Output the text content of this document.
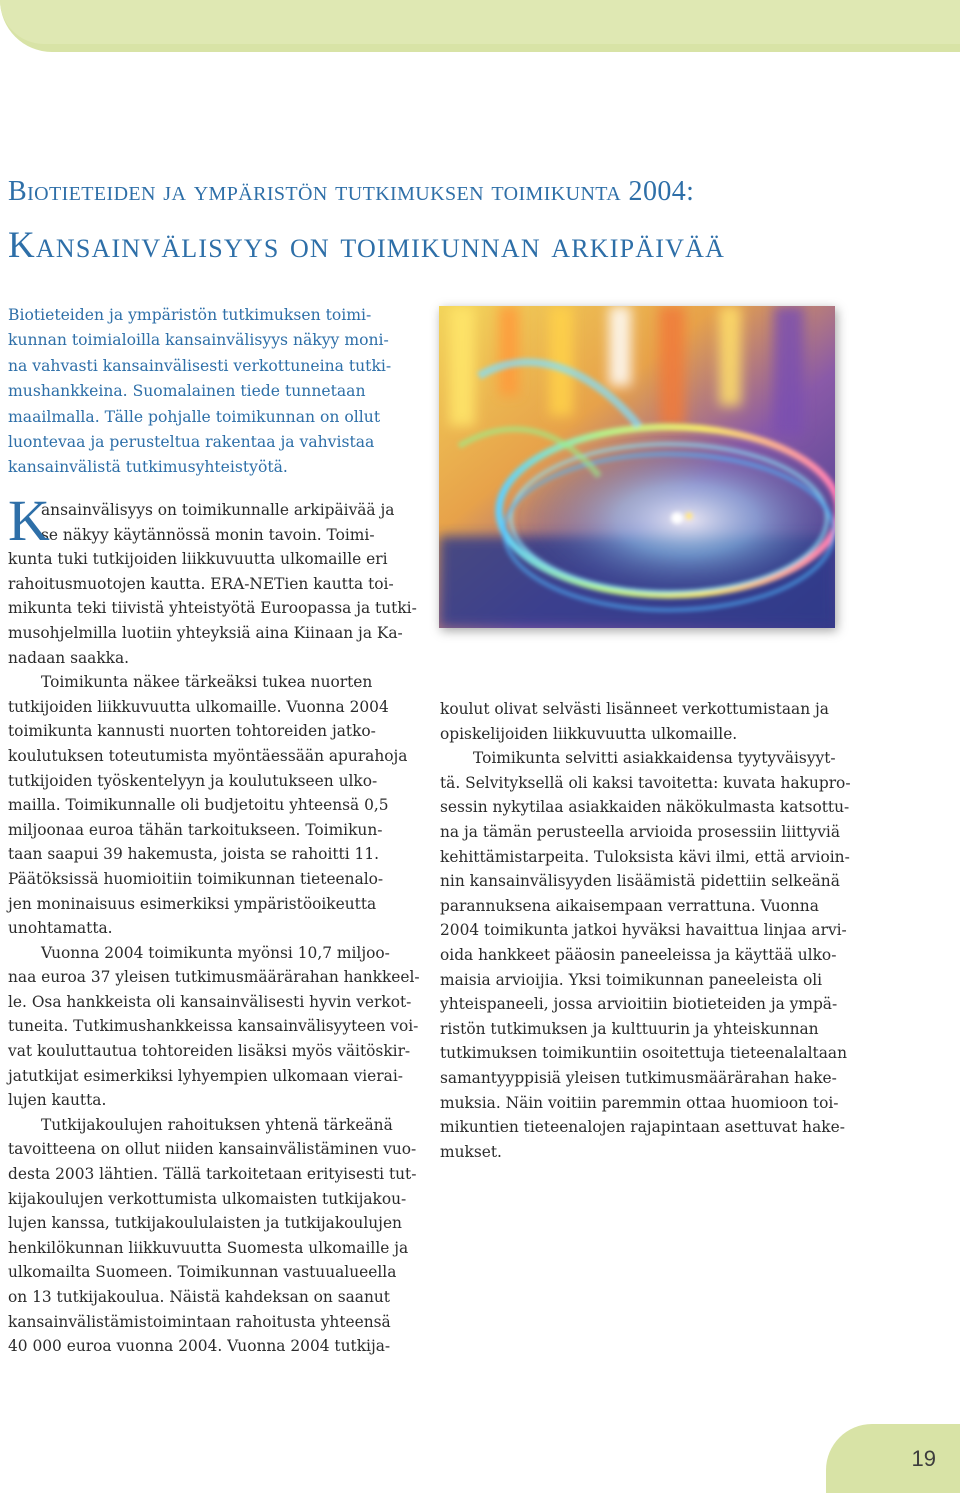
Biotieteiden ja ympäristön tutkimuksen toimikunta 2004:
Kansainvälisyys on toimikunnan arkipäivää
Biotieteiden ja ympäristön tutkimuksen toimi-
kunnan toimialoilla kansainvälisyys näkyy moni-
na vahvasti kansainvälisesti verkottuneina tutki-
mushankkeina. Suomalainen tiede tunnetaan
maailmalla. Tälle pohjalle toimikunnan on ollut
luontevaa ja perusteltua rakentaa ja vahvistaa
kansainvälistä tutkimusyhteistyötä.
K
ansainvälisyys on toimikunnalle arkipäivää ja
se näkyy käytännössä monin tavoin. Toimi-
kunta tuki tutkijoiden liikkuvuutta ulkomaille eri
rahoitusmuotojen kautta. ERA-NETien kautta toi-
mikunta teki tiivistä yhteistyötä Euroopassa ja tutki-
musohjelmilla luotiin yhteyksiä aina Kiinaan ja Ka-
nadaan saakka.
Toimikunta näkee tärkeäksi tukea nuorten
tutkijoiden liikkuvuutta ulkomaille. Vuonna 2004
toimikunta kannusti nuorten tohtoreiden jatko-
koulutuksen toteutumista myöntäessään apurahoja
tutkijoiden työskentelyyn ja koulutukseen ulko-
mailla. Toimikunnalle oli budjetoitu yhteensä 0,5
miljoonaa euroa tähän tarkoitukseen. Toimikun-
taan saapui 39 hakemusta, joista se rahoitti 11.
Päätöksissä huomioitiin toimikunnan tieteenalo-
jen moninaisuus esimerkiksi ympäristöoikeutta
unohtamatta.
Vuonna 2004 toimikunta myönsi 10,7 miljoo-
naa euroa 37 yleisen tutkimusmäärärahan hankkeel-
le. Osa hankkeista oli kansainvälisesti hyvin verkot-
tuneita. Tutkimushankkeissa kansainvälisyyteen voi-
vat kouluttautua tohtoreiden lisäksi myös väitöskir-
jatutkijat esimerkiksi lyhyempien ulkomaan vierai-
lujen kautta.
Tutkijakoulujen rahoituksen yhtenä tärkeänä
tavoitteena on ollut niiden kansainvälistäminen vuo-
desta 2003 lähtien. Tällä tarkoitetaan erityisesti tut-
kijakoulujen verkottumista ulkomaisten tutkijakou-
lujen kanssa, tutkijakoululaisten ja tutkijakoulujen
henkilökunnan liikkuvuutta Suomesta ulkomaille ja
ulkomailta Suomeen. Toimikunnan vastuualueella
on 13 tutkijakoulua. Näistä kahdeksan on saanut
kansainvälistämistoimintaan rahoitusta yhteensä
40 000 euroa vuonna 2004. Vuonna 2004 tutkija-
koulut olivat selvästi lisänneet verkottumistaan ja
opiskelijoiden liikkuvuutta ulkomaille.
Toimikunta selvitti asiakkaidensa tyytyväisyyt-
tä. Selvityksellä oli kaksi tavoitetta: kuvata hakupro-
sessin nykytilaa asiakkaiden näkökulmasta katsottu-
na ja tämän perusteella arvioida prosessiin liittyviä
kehittämistarpeita. Tuloksista kävi ilmi, että arvioin-
nin kansainvälisyyden lisäämistä pidettiin selkeänä
parannuksena aikaisempaan verrattuna. Vuonna
2004 toimikunta jatkoi hyväksi havaittua linjaa arvi-
oida hankkeet pääosin paneeleissa ja käyttää ulko-
maisia arvioijia. Yksi toimikunnan paneeleista oli
yhteispaneeli, jossa arvioitiin biotieteiden ja ympä-
ristön tutkimuksen ja kulttuurin ja yhteiskunnan
tutkimuksen toimikuntiin osoitettuja tieteenalaltaan
samantyyppisiä yleisen tutkimusmäärärahan hake-
muksia. Näin voitiin paremmin ottaa huomioon toi-
mikuntien tieteenalojen rajapintaan asettuvat hake-
mukset.
19
